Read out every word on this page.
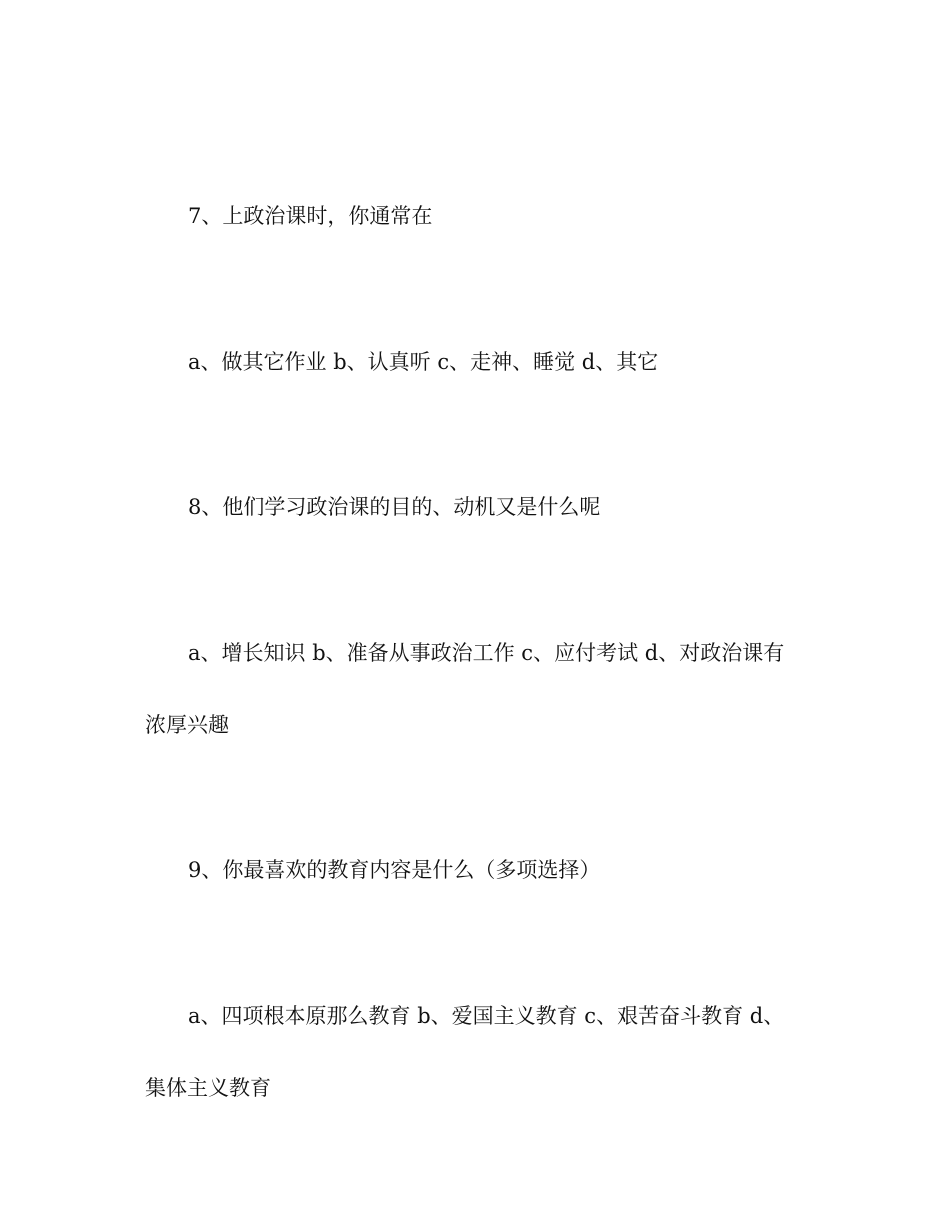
7、上政治课时，你通常在
a、做其它作业 b、认真听 c、走神、睡觉 d、其它
8、他们学习政治课的目的、动机又是什么呢
a、增长知识 b、准备从事政治工作 c、应付考试 d、对政治课有
浓厚兴趣
9、你最喜欢的教育内容是什么（多项选择）
a、四项根本原那么教育 b、爱国主义教育 c、艰苦奋斗教育 d、
集体主义教育
